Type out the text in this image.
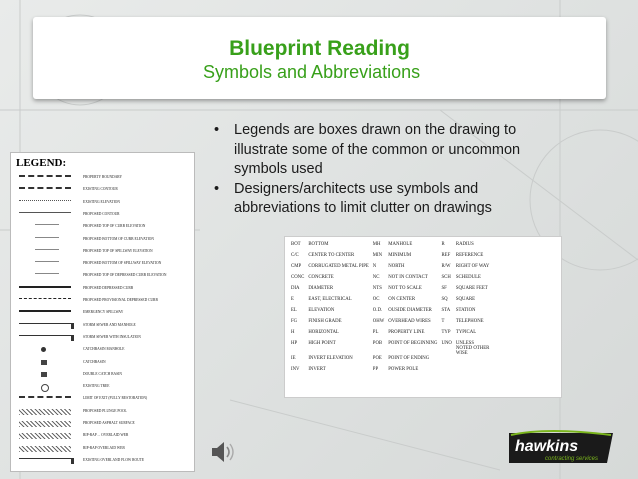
Blueprint Reading
Symbols and Abbreviations
• Legends are boxes drawn on the drawing to illustrate some of the common or uncommon symbols used
• Designers/architects use symbols and abbreviations to limit clutter on drawings
LEGEND:
PROPERTY BOUNDARY
EXISTING CONTOUR
EXISTING ELEVATION
PROPOSED CONTOUR
PROPOSED TOP OF CURB ELEVATION
PROPOSED BOTTOM OF CURB ELEVATION
PROPOSED TOP OF SPILLWAY ELEVATION
PROPOSED BOTTOM OF SPILLWAY ELEVATION
PROPOSED TOP OF DEPRESSED CURB ELEVATION
PROPOSED DEPRESSED CURB
PROPOSED PROVISIONAL DEPRESSED CURB
EMERGENCY SPILLWAY
STORM SEWER AND MANHOLE
STORM SEWER WITH INSULATION
CATCHBASIN MANHOLE
CATCHBASIN
DOUBLE CATCH BASIN
EXISTING TREE
LIMIT OF EXIT (FULLY RESTORATION)
PROPOSED PLUNGE POOL
PROPOSED ASPHALT SURFACE
RIP-RAP ... OVERLAID WEB
RIP-RAP OVERLAID WEB
EXISTING OVERLAND FLOW ROUTE
BOT	BOTTOM	MH	MANHOLE	R	RADIUS
C/C	CENTER TO CENTER	MIN	MINIMUM	REF	REFERENCE
CMP	CORRUGATED METAL PIPE	N	NORTH	R/W	RIGHT OF WAY
CONC	CONCRETE	NC	NOT IN CONTACT	SCH	SCHEDULE
DIA	DIAMETER	NTS	NOT TO SCALE	SF	SQUARE FEET
E	EAST, ELECTRICAL	OC	ON CENTER	SQ	SQUARE
EL	ELEVATION	O.D.	OUSIDE DIAMETER	STA	STATION
FG	FINISH GRADE	OHW	OVERHEAD WIRES	T	TELEPHONE
H	HORIZONTAL	PL	PROPERTY LINE	TYP	TYPICAL
HP	HIGH POINT	POB	POINT OF BEGINNING	UNO	UNLESS NOTED OTHER WISE
IE	INVERT ELEVATION	POE	POINT OF ENDING		
INV	INVERT	PP	POWER POLE		
hawkins
contracting services
